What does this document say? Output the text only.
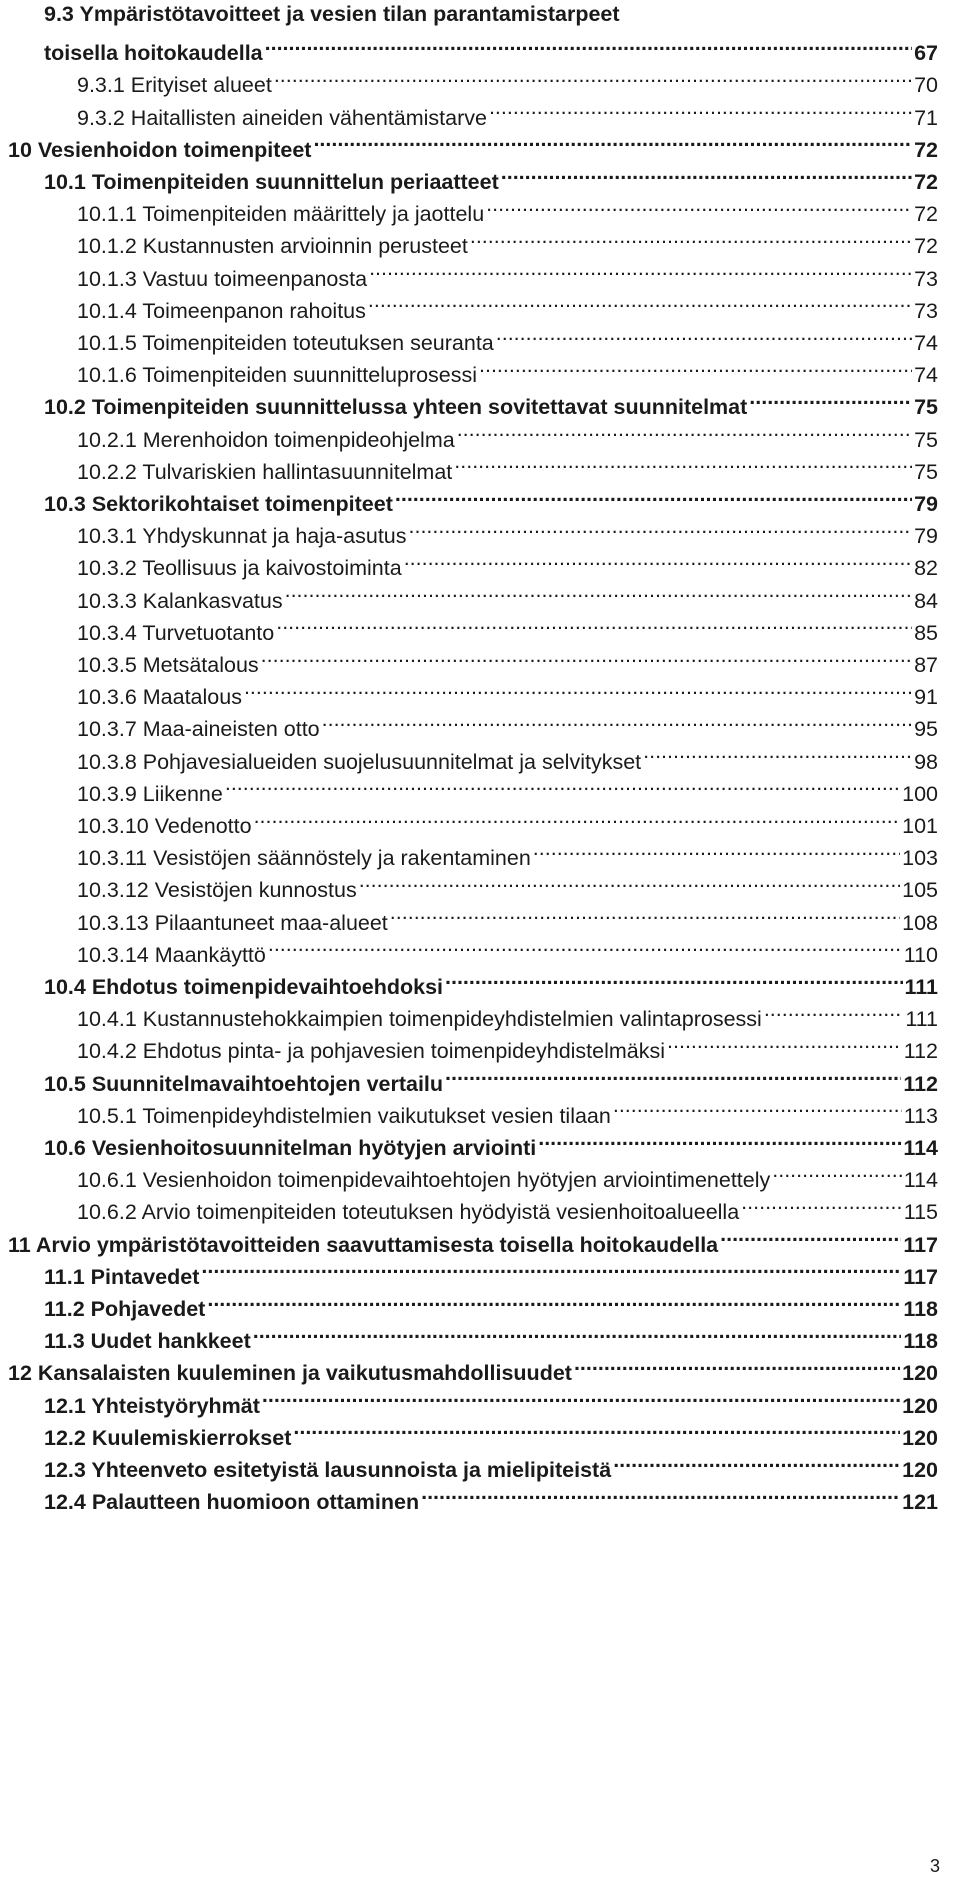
9.3 Ympäristötavoitteet ja vesien tilan parantamistarpeet
toisella hoitokaudella .....	67
9.3.1 Erityiset alueet .....	70
9.3.2 Haitallisten aineiden vähentämistarve .....	71
10 Vesienhoidon toimenpiteet .....	72
10.1 Toimenpiteiden suunnittelun periaatteet .....	72
10.1.1 Toimenpiteiden määrittely ja jaottelu .....	72
10.1.2 Kustannusten arvioinnin perusteet .....	72
10.1.3 Vastuu toimeenpanosta .....	73
10.1.4 Toimeenpanon rahoitus .....	73
10.1.5 Toimenpiteiden toteutuksen seuranta .....	74
10.1.6 Toimenpiteiden suunnitteluprosessi .....	74
10.2 Toimenpiteiden suunnittelussa yhteen sovitettavat suunnitelmat .....	75
10.2.1 Merenhoidon toimenpideohjelma .....	75
10.2.2 Tulvariskien hallintasuunnitelmat .....	75
10.3 Sektorikohtaiset toimenpiteet .....	79
10.3.1 Yhdyskunnat ja haja-asutus .....	79
10.3.2 Teollisuus ja kaivostoiminta .....	82
10.3.3 Kalankasvatus .....	84
10.3.4 Turvetuotanto .....	85
10.3.5 Metsätalous .....	87
10.3.6 Maatalous .....	91
10.3.7 Maa-aineisten otto .....	95
10.3.8 Pohjavesialueiden suojelusuunnitelmat ja selvitykset .....	98
10.3.9 Liikenne .....	100
10.3.10 Vedenotto .....	101
10.3.11 Vesistöjen säännöstely ja rakentaminen .....	103
10.3.12 Vesistöjen kunnostus .....	105
10.3.13 Pilaantuneet maa-alueet .....	108
10.3.14 Maankäyttö .....	110
10.4 Ehdotus toimenpidevaihtoehdoksi .....	111
10.4.1 Kustannustehokkaimpien toimenpideyhdistelmien valintaprosessi .....	111
10.4.2 Ehdotus pinta- ja pohjavesien toimenpideyhdistelmäksi .....	112
10.5 Suunnitelmavaihtoehtojen vertailu .....	112
10.5.1 Toimenpideyhdistelmien vaikutukset vesien tilaan .....	113
10.6 Vesienhoitosuunnitelman hyötyjen arviointi .....	114
10.6.1 Vesienhoidon toimenpidevaihtoehtojen hyötyjen arviointimenettely .....	114
10.6.2 Arvio toimenpiteiden toteutuksen hyödyistä vesienhoitoalueella .....	115
11 Arvio ympäristötavoitteiden saavuttamisesta toisella hoitokaudella .....	117
11.1 Pintavedet .....	117
11.2 Pohjavedet .....	118
11.3 Uudet hankkeet .....	118
12 Kansalaisten kuuleminen ja vaikutusmahdollisuudet .....	120
12.1 Yhteistyöryhmät .....	120
12.2 Kuulemiskierrokset .....	120
12.3 Yhteenveto esitetyistä lausunnoista ja mielipiteistä .....	120
12.4 Palautteen huomioon ottaminen .....	121
3
